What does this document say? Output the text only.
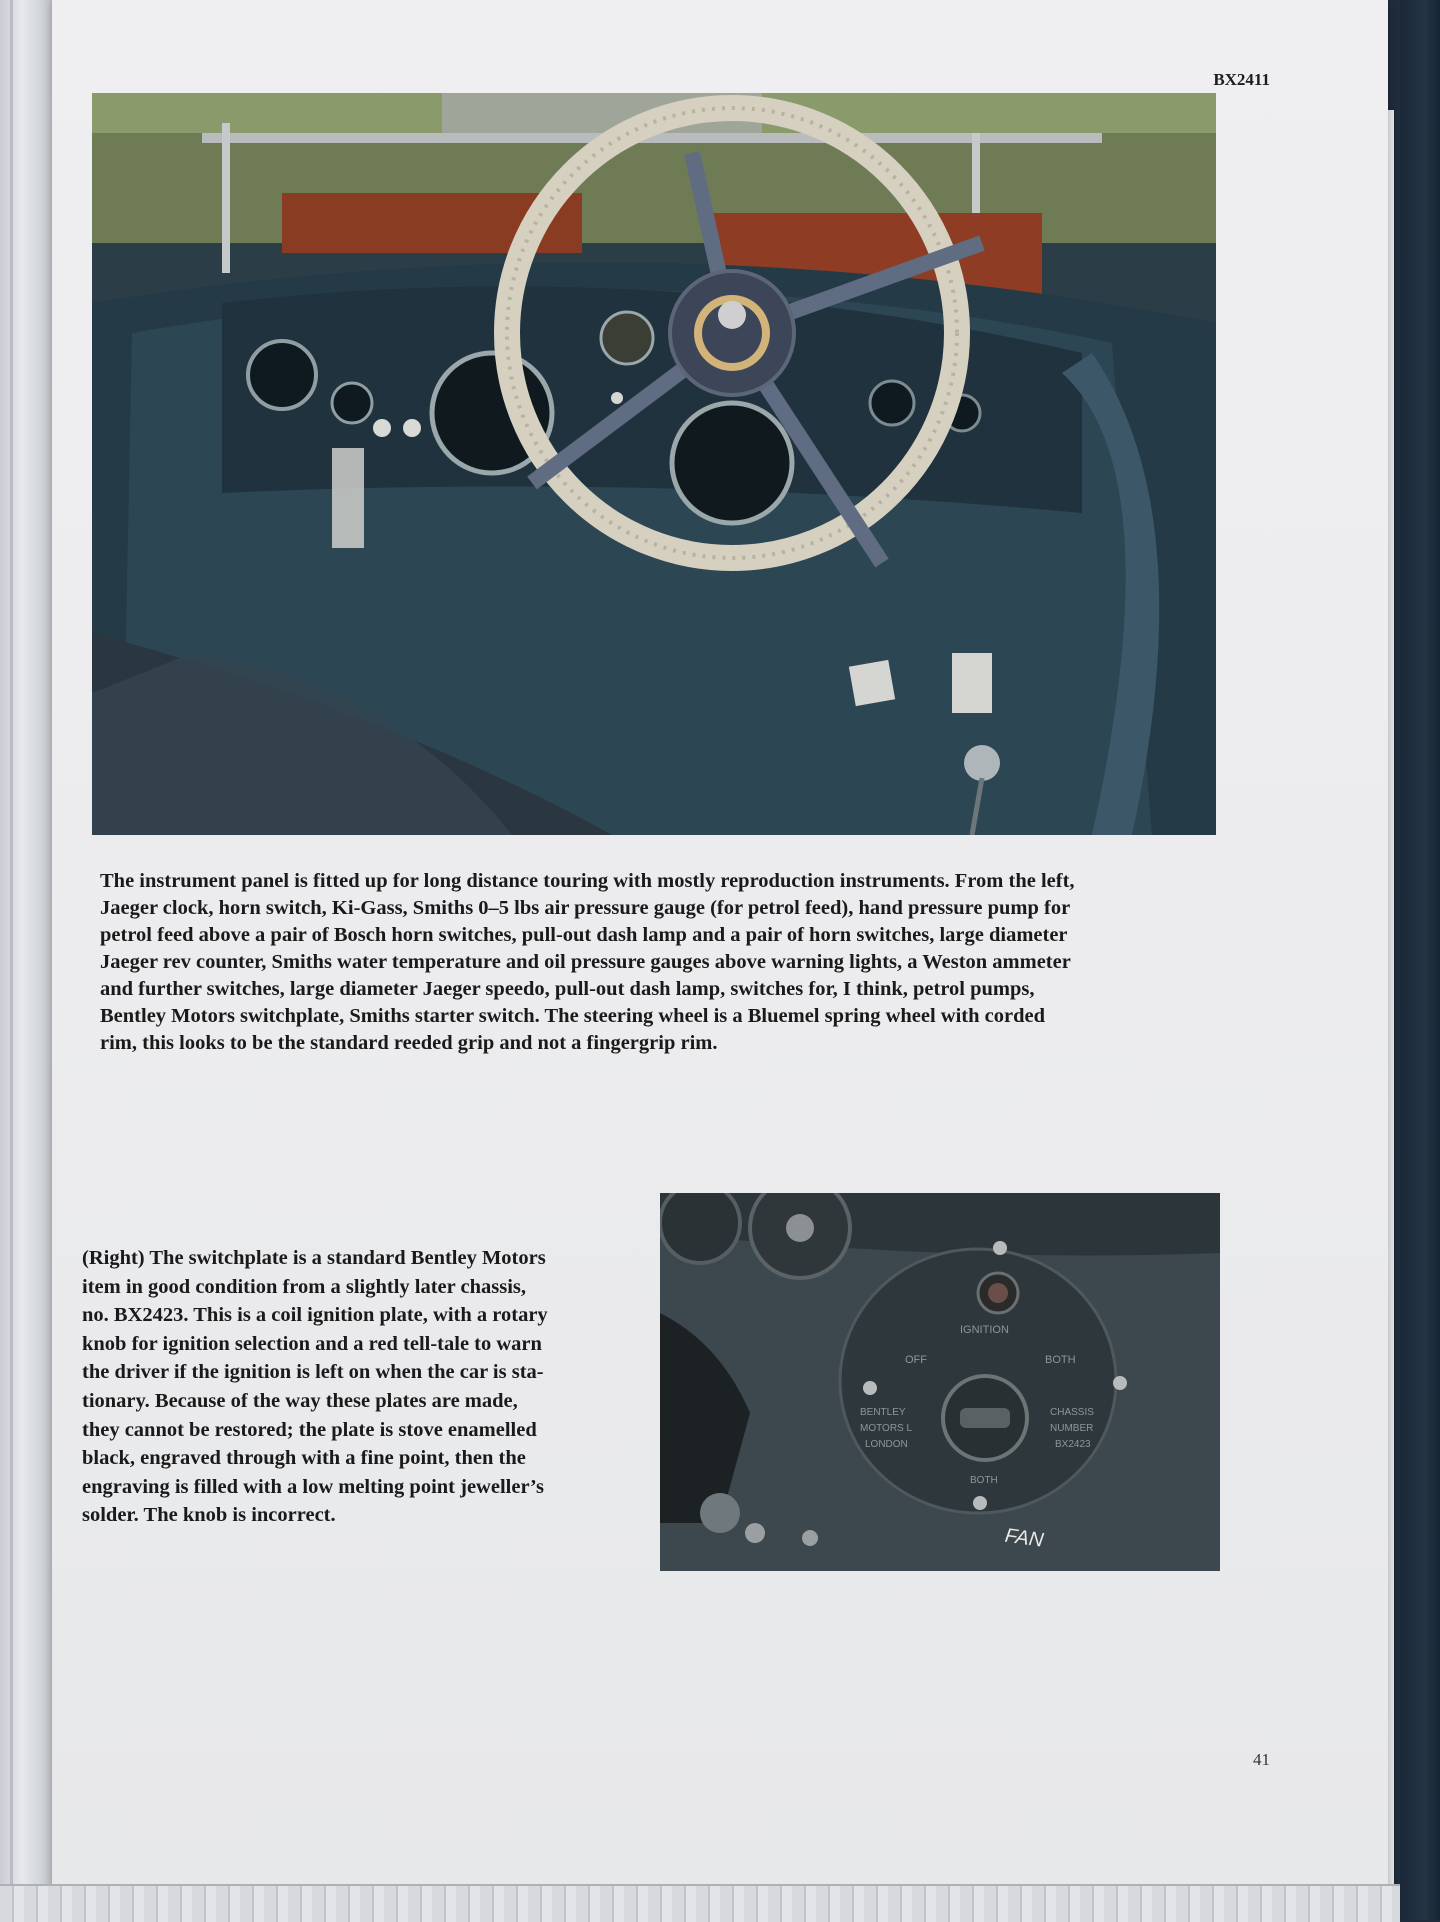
BX2411
The instrument panel is fitted up for long distance touring with mostly reproduction instruments. From the left,
Jaeger clock, horn switch, Ki-Gass, Smiths 0–5 lbs air pressure gauge (for petrol feed), hand pressure pump for
petrol feed above a pair of Bosch horn switches, pull-out dash lamp and a pair of horn switches, large diameter
Jaeger rev counter, Smiths water temperature and oil pressure gauges above warning lights, a Weston ammeter
and further switches, large diameter Jaeger speedo, pull-out dash lamp, switches for, I think, petrol pumps,
Bentley Motors switchplate, Smiths starter switch. The steering wheel is a Bluemel spring wheel with corded
rim, this looks to be the standard reeded grip and not a fingergrip rim.
(Right) The switchplate is a standard Bentley Motors
item in good condition from a slightly later chassis,
no. BX2423. This is a coil ignition plate, with a rotary
knob for ignition selection and a red tell-tale to warn
the driver if the ignition is left on when the car is sta-
tionary. Because of the way these plates are made,
they cannot be restored; the plate is stove enamelled
black, engraved through with a fine point, then the
engraving is filled with a low melting point jeweller’s
solder. The knob is incorrect.
IGNITION
OFF	BOTH
BENTLEY
MOTORS L
LONDON
CHASSIS
NUMBER
BX2423
BOTH
FAN
41
